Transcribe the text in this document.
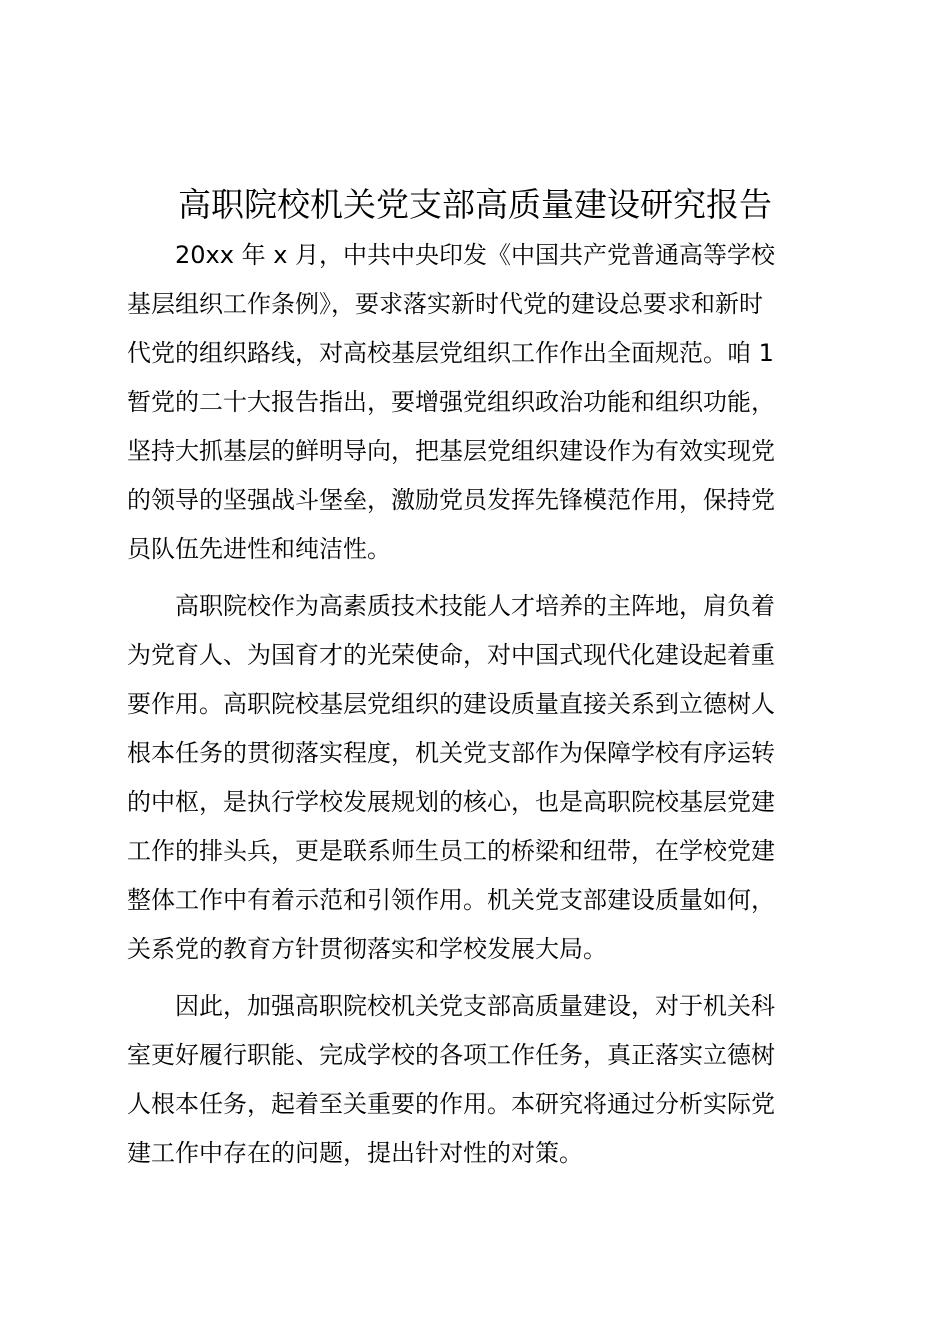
高职院校机关党支部高质量建设研究报告

　　20xx 年 x 月，中共中央印发《中国共产党普通高等学校
基层组织工作条例》，要求落实新时代党的建设总要求和新时
代党的组织路线，对高校基层党组织工作作出全面规范。咱 1
暂党的二十大报告指出，要增强党组织政治功能和组织功能，
坚持大抓基层的鲜明导向，把基层党组织建设作为有效实现党
的领导的坚强战斗堡垒，激励党员发挥先锋模范作用，保持党
员队伍先进性和纯洁性。

　　高职院校作为高素质技术技能人才培养的主阵地，肩负着
为党育人、为国育才的光荣使命，对中国式现代化建设起着重
要作用。高职院校基层党组织的建设质量直接关系到立德树人
根本任务的贯彻落实程度，机关党支部作为保障学校有序运转
的中枢，是执行学校发展规划的核心，也是高职院校基层党建
工作的排头兵，更是联系师生员工的桥梁和纽带，在学校党建
整体工作中有着示范和引领作用。机关党支部建设质量如何，
关系党的教育方针贯彻落实和学校发展大局。

　　因此，加强高职院校机关党支部高质量建设，对于机关科
室更好履行职能、完成学校的各项工作任务，真正落实立德树
人根本任务，起着至关重要的作用。本研究将通过分析实际党
建工作中存在的问题，提出针对性的对策。
